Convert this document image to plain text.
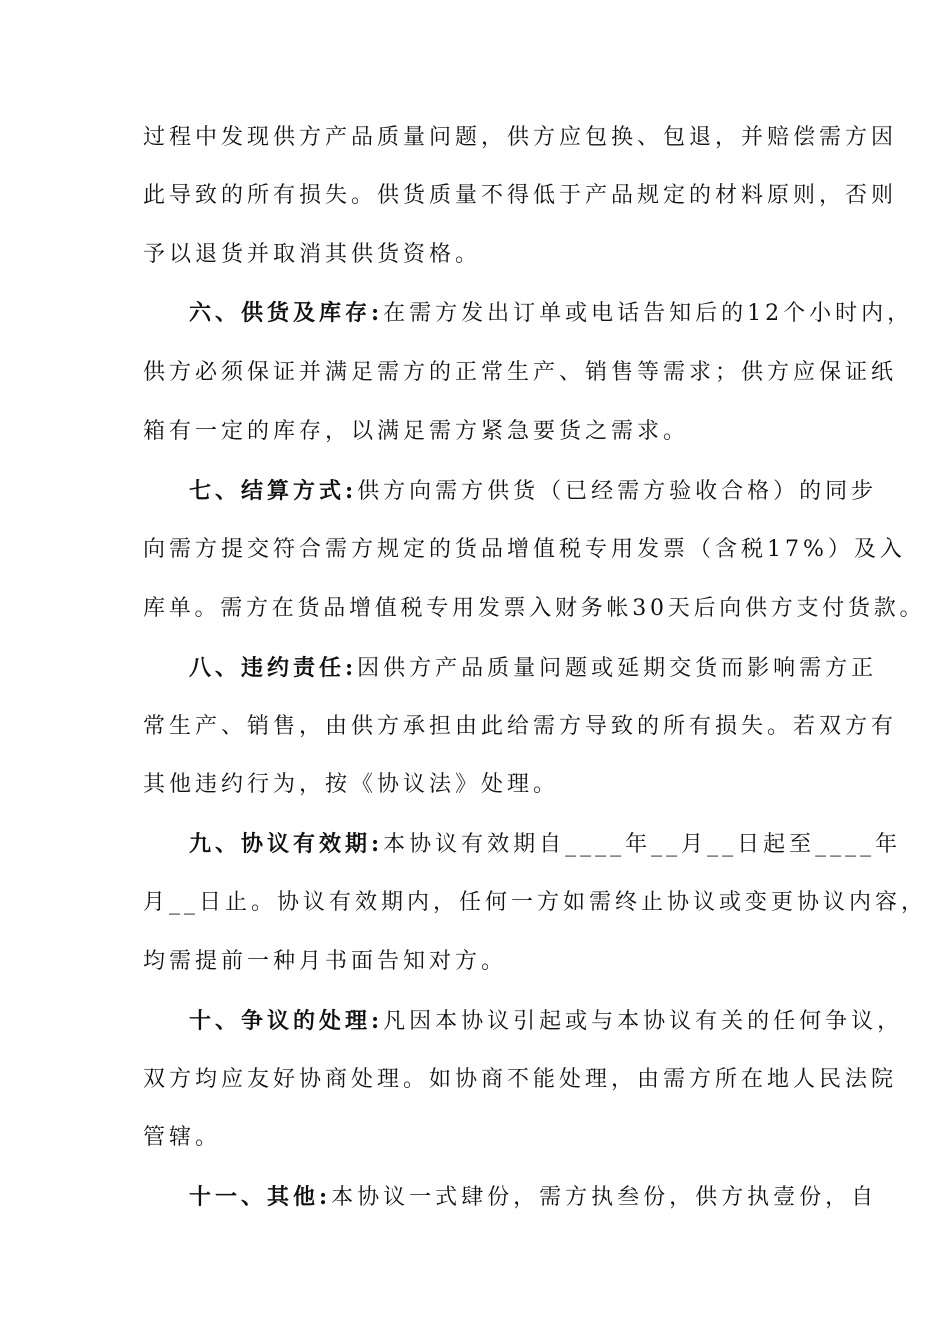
过程中发现供方产品质量问题，供方应包换、包退，并赔偿需方因
此导致的所有损失。供货质量不得低于产品规定的材料原则，否则
予以退货并取消其供货资格。
六、供货及库存:在需方发出订单或电话告知后的12个小时内，
供方必须保证并满足需方的正常生产、销售等需求；供方应保证纸
箱有一定的库存，以满足需方紧急要货之需求。
七、结算方式:供方向需方供货（已经需方验收合格）的同步
向需方提交符合需方规定的货品增值税专用发票（含税17%）及入
库单。需方在货品增值税专用发票入财务帐30天后向供方支付货款。
八、违约责任:因供方产品质量问题或延期交货而影响需方正
常生产、销售，由供方承担由此给需方导致的所有损失。若双方有
其他违约行为，按《协议法》处理。
九、协议有效期:本协议有效期自____年__月__日起至____年
月__日止。协议有效期内，任何一方如需终止协议或变更协议内容，
均需提前一种月书面告知对方。
十、争议的处理:凡因本协议引起或与本协议有关的任何争议，
双方均应友好协商处理。如协商不能处理，由需方所在地人民法院
管辖。
十一、其他:本协议一式肆份，需方执叁份，供方执壹份，自
